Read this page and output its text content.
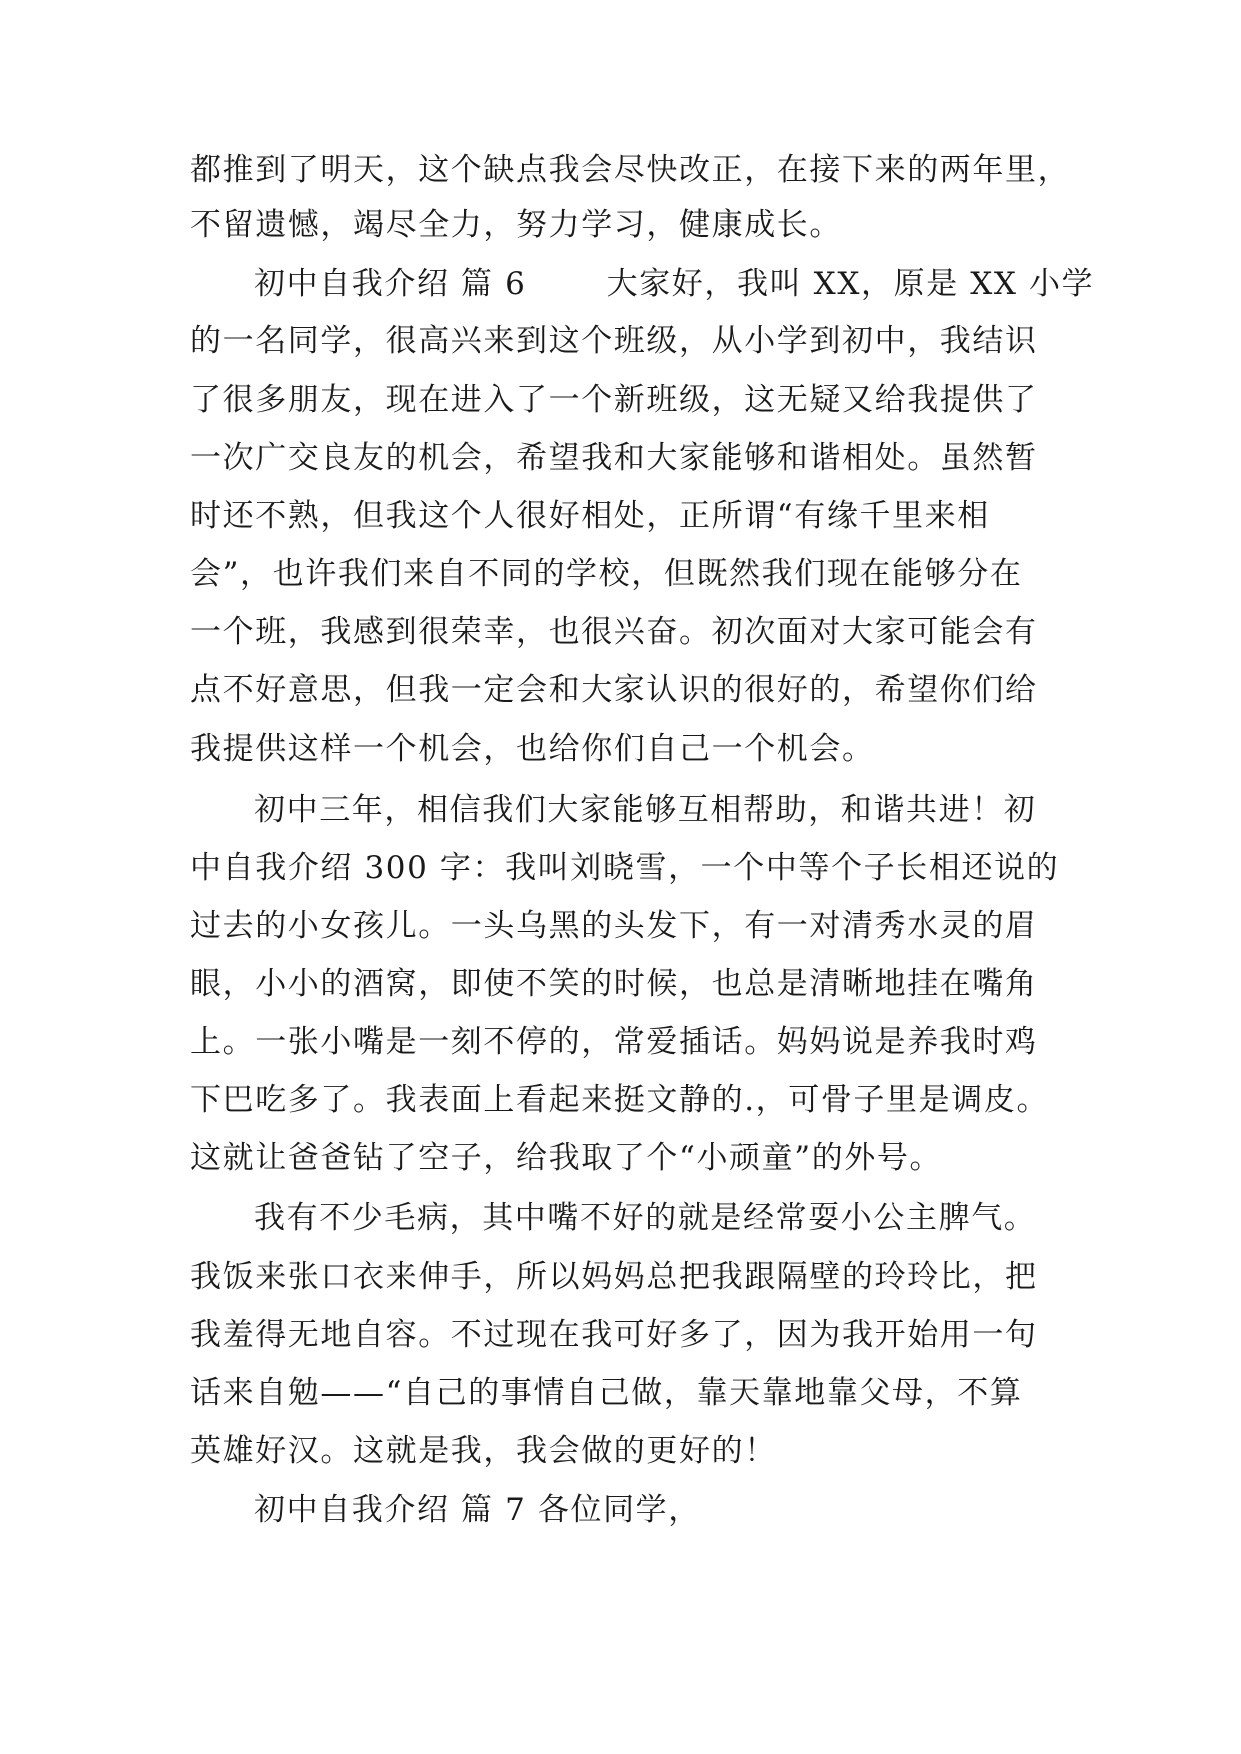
都推到了明天，这个缺点我会尽快改正，在接下来的两年里，
不留遗憾，竭尽全力，努力学习，健康成长。
初中自我介绍 篇 6       大家好，我叫 XX，原是 XX 小学
的一名同学，很高兴来到这个班级，从小学到初中，我结识
了很多朋友，现在进入了一个新班级，这无疑又给我提供了
一次广交良友的机会，希望我和大家能够和谐相处。虽然暂
时还不熟，但我这个人很好相处，正所谓“有缘千里来相
会”，也许我们来自不同的学校，但既然我们现在能够分在
一个班，我感到很荣幸，也很兴奋。初次面对大家可能会有
点不好意思，但我一定会和大家认识的很好的，希望你们给
我提供这样一个机会，也给你们自己一个机会。
初中三年，相信我们大家能够互相帮助，和谐共进！初
中自我介绍 300 字：我叫刘晓雪，一个中等个子长相还说的
过去的小女孩儿。一头乌黑的头发下，有一对清秀水灵的眉
眼，小小的酒窝，即使不笑的时候，也总是清晰地挂在嘴角
上。一张小嘴是一刻不停的，常爱插话。妈妈说是养我时鸡
下巴吃多了。我表面上看起来挺文静的.，可骨子里是调皮。
这就让爸爸钻了空子，给我取了个“小顽童”的外号。
我有不少毛病，其中嘴不好的就是经常耍小公主脾气。
我饭来张口衣来伸手，所以妈妈总把我跟隔壁的玲玲比，把
我羞得无地自容。不过现在我可好多了，因为我开始用一句
话来自勉——“自己的事情自己做，靠天靠地靠父母，不算
英雄好汉。这就是我，我会做的更好的！
初中自我介绍 篇 7 各位同学，
